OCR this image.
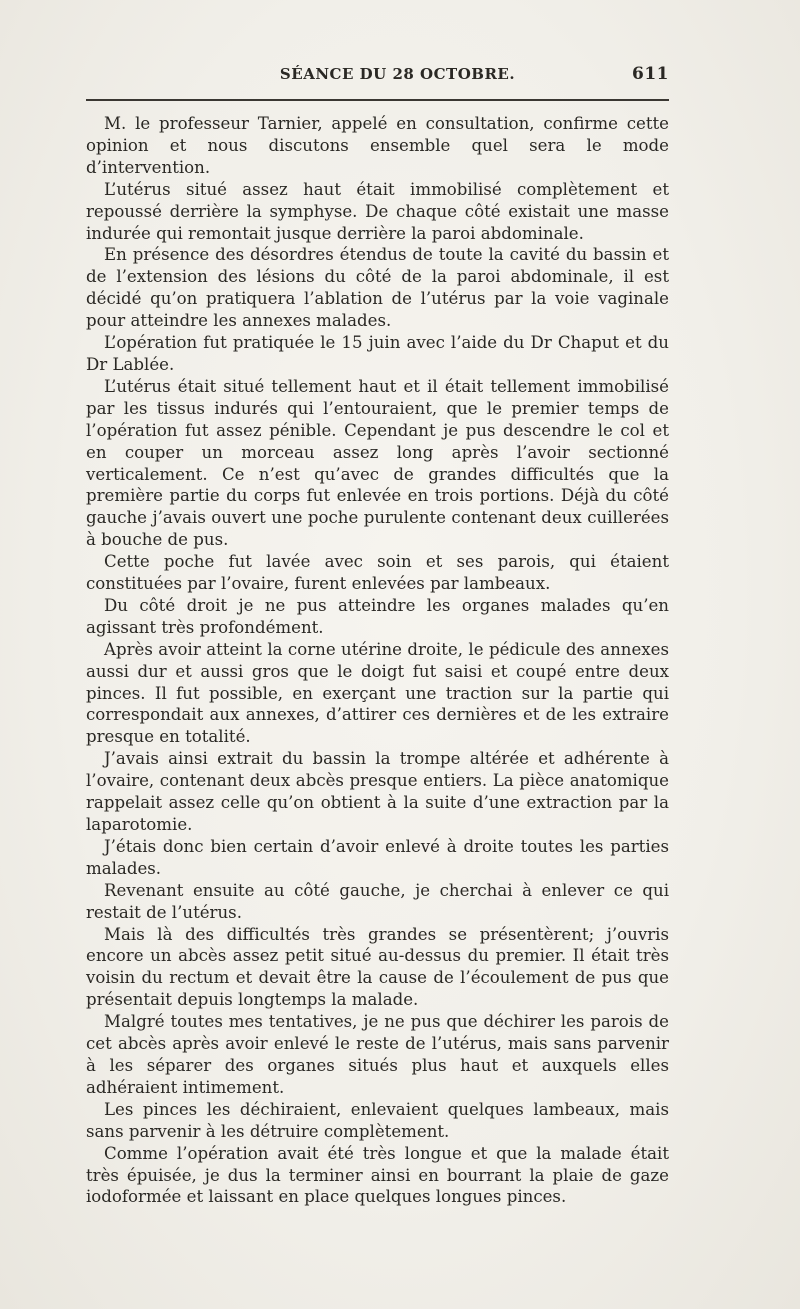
SÉANCE DU 28 OCTOBRE.	611

M. le professeur Tarnier, appelé en consultation, confirme cette opinion et nous discutons ensemble quel sera le mode d’intervention.

L’utérus situé assez haut était immobilisé complètement et repoussé derrière la symphyse. De chaque côté existait une masse indurée qui remontait jusque derrière la paroi abdominale.

En présence des désordres étendus de toute la cavité du bassin et de l’extension des lésions du côté de la paroi abdominale, il est décidé qu’on pratiquera l’ablation de l’utérus par la voie vaginale pour atteindre les annexes malades.

L’opération fut pratiquée le 15 juin avec l’aide du Dr Chaput et du Dr Lablée.

L’utérus était situé tellement haut et il était tellement immobilisé par les tissus indurés qui l’entouraient, que le premier temps de l’opération fut assez pénible. Cependant je pus descendre le col et en couper un morceau assez long après l’avoir sectionné verticalement. Ce n’est qu’avec de grandes difficultés que la première partie du corps fut enlevée en trois portions. Déjà du côté gauche j’avais ouvert une poche purulente contenant deux cuillerées à bouche de pus.

Cette poche fut lavée avec soin et ses parois, qui étaient constituées par l’ovaire, furent enlevées par lambeaux.

Du côté droit je ne pus atteindre les organes malades qu’en agissant très profondément.

Après avoir atteint la corne utérine droite, le pédicule des annexes aussi dur et aussi gros que le doigt fut saisi et coupé entre deux pinces. Il fut possible, en exerçant une traction sur la partie qui correspondait aux annexes, d’attirer ces dernières et de les extraire presque en totalité.

J’avais ainsi extrait du bassin la trompe altérée et adhérente à l’ovaire, contenant deux abcès presque entiers. La pièce anatomique rappelait assez celle qu’on obtient à la suite d’une extraction par la laparotomie.

J’étais donc bien certain d’avoir enlevé à droite toutes les parties malades.

Revenant ensuite au côté gauche, je cherchai à enlever ce qui restait de l’utérus.

Mais là des difficultés très grandes se présentèrent; j’ouvris encore un abcès assez petit situé au-dessus du premier. Il était très voisin du rectum et devait être la cause de l’écoulement de pus que présentait depuis longtemps la malade.

Malgré toutes mes tentatives, je ne pus que déchirer les parois de cet abcès après avoir enlevé le reste de l’utérus, mais sans parvenir à les séparer des organes situés plus haut et auxquels elles adhéraient intimement.

Les pinces les déchiraient, enlevaient quelques lambeaux, mais sans parvenir à les détruire complètement.

Comme l’opération avait été très longue et que la malade était très épuisée, je dus la terminer ainsi en bourrant la plaie de gaze iodoformée et laissant en place quelques longues pinces.
